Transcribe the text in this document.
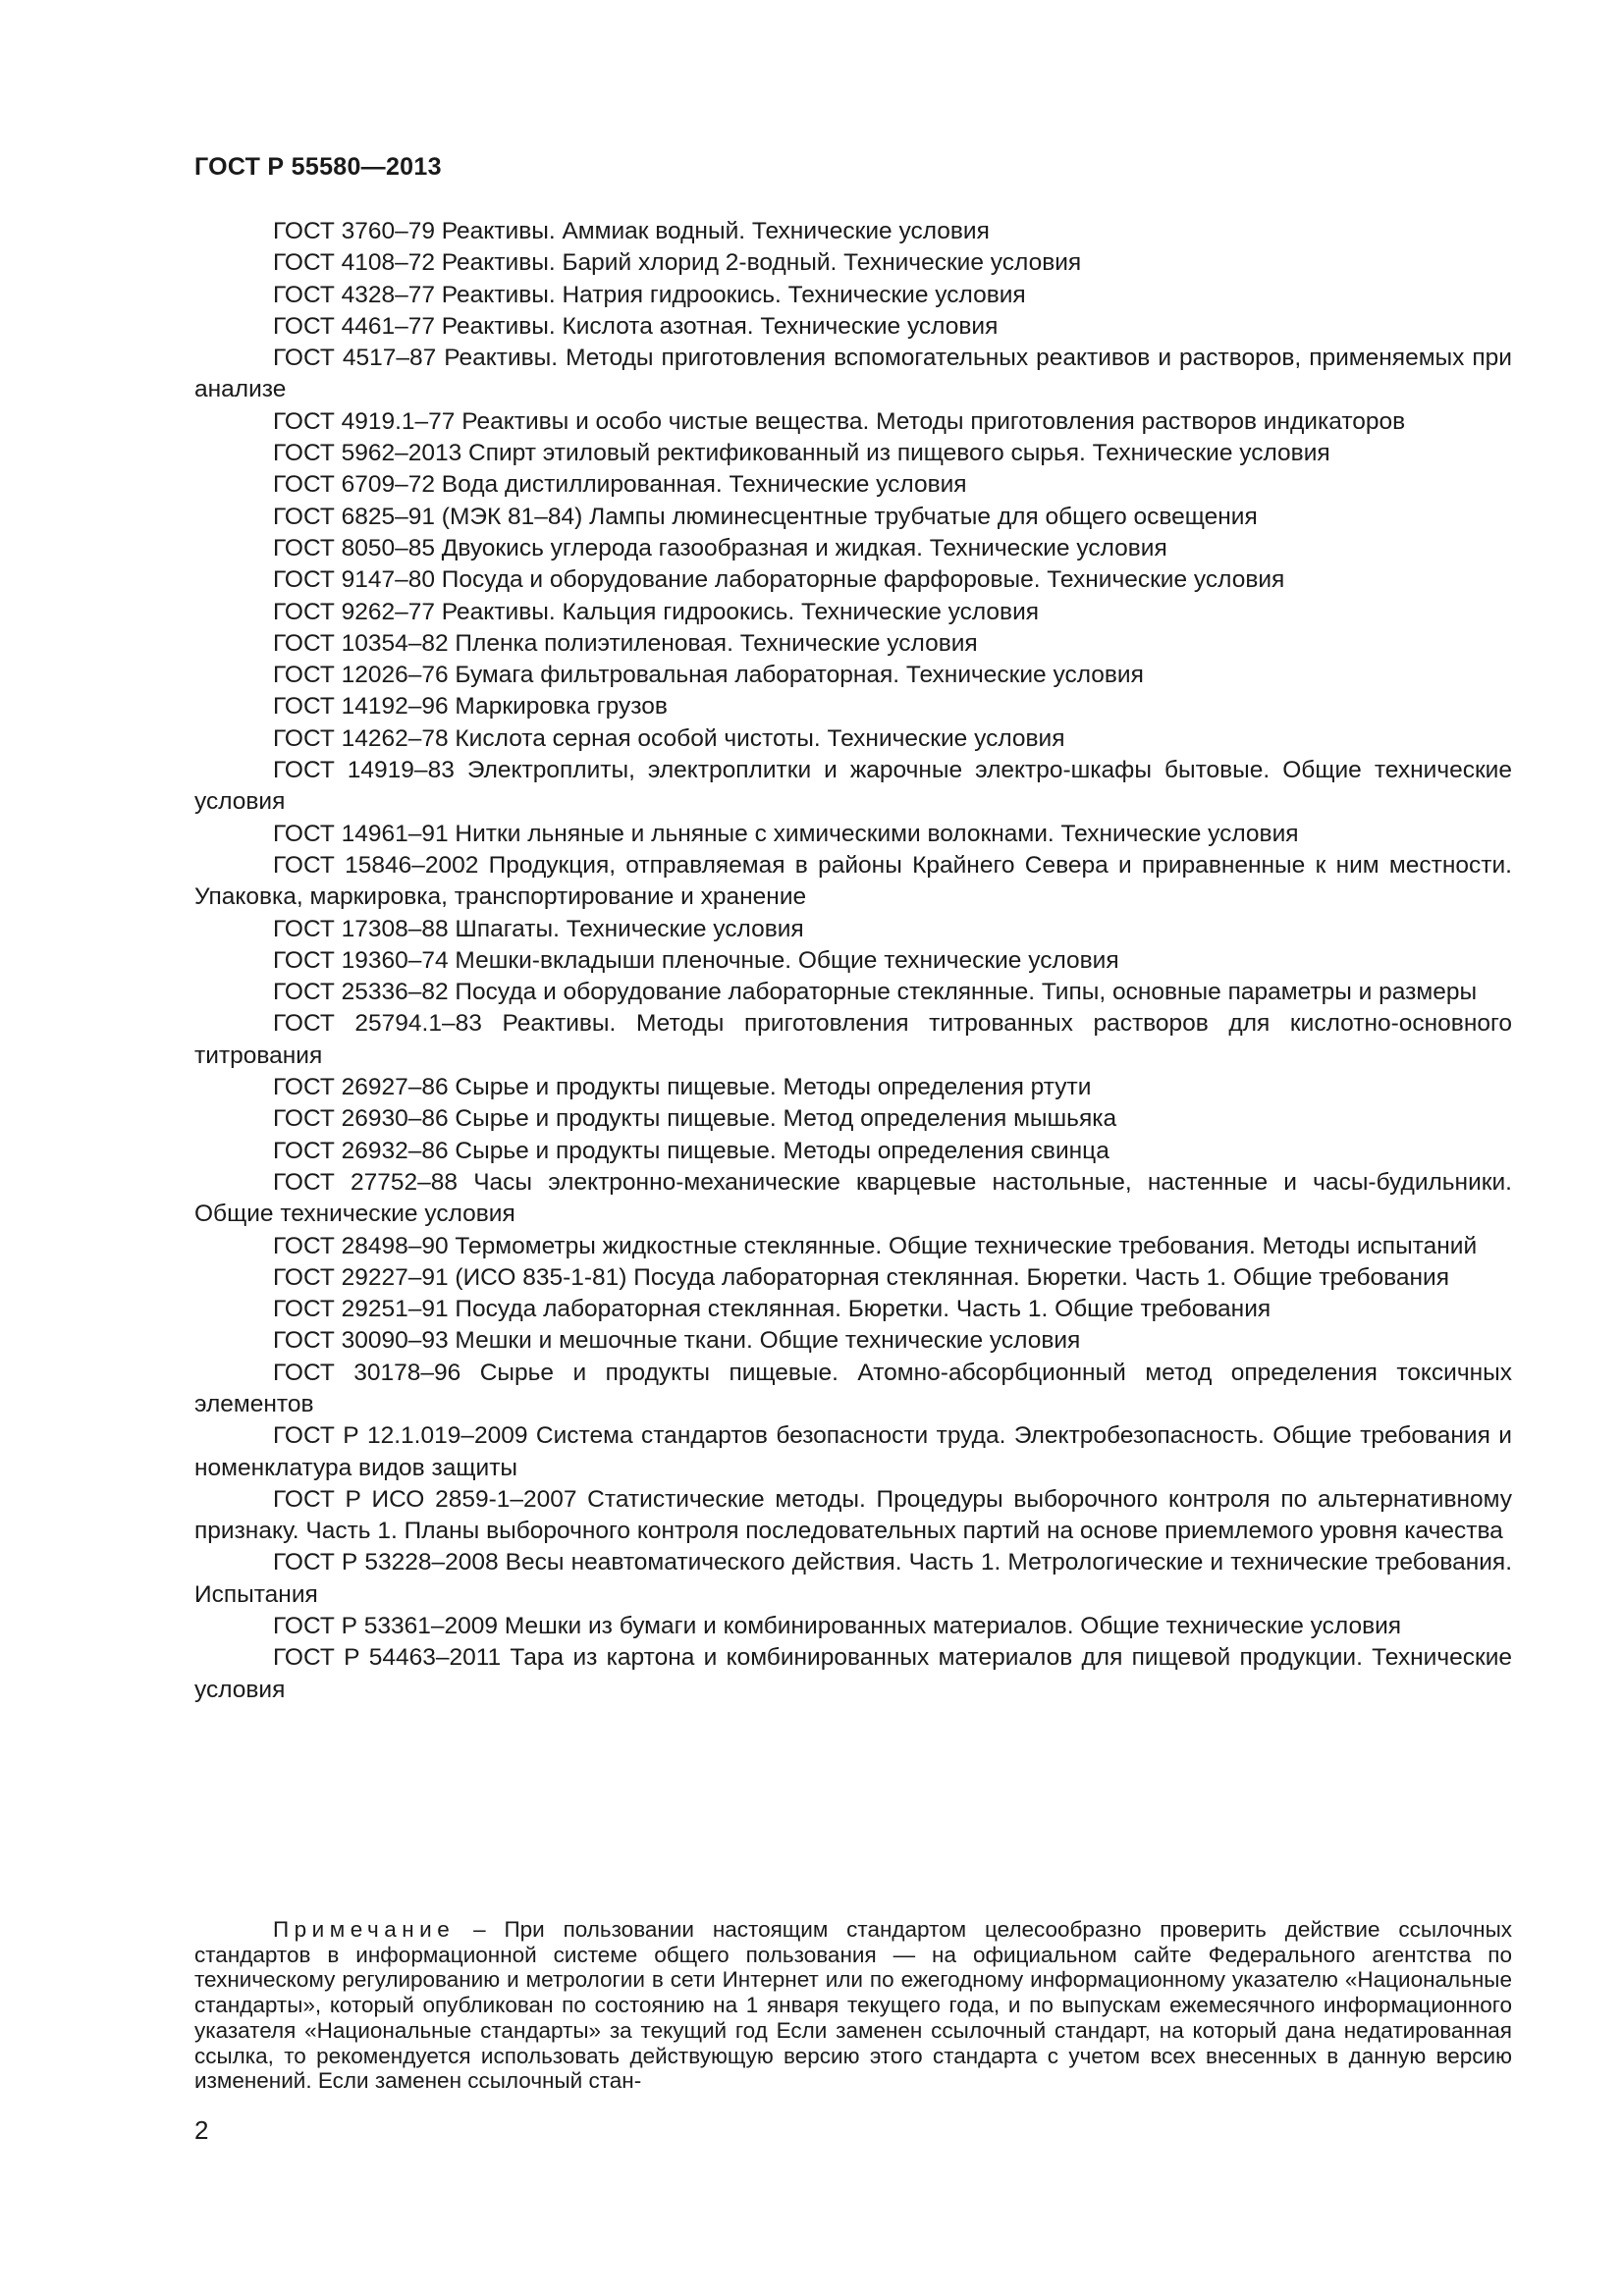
ГОСТ Р 55580—2013

ГОСТ 3760–79 Реактивы. Аммиак водный. Технические условия

ГОСТ 4108–72 Реактивы. Барий хлорид 2-водный. Технические условия

ГОСТ 4328–77 Реактивы. Натрия гидроокись. Технические условия

ГОСТ 4461–77 Реактивы. Кислота азотная. Технические условия

ГОСТ 4517–87 Реактивы. Методы приготовления вспомогательных реактивов и растворов, применяемых при анализе

ГОСТ 4919.1–77 Реактивы и особо чистые вещества. Методы приготовления растворов индикаторов

ГОСТ 5962–2013 Спирт этиловый ректификованный из пищевого сырья. Технические условия

ГОСТ 6709–72 Вода дистиллированная. Технические условия

ГОСТ 6825–91 (МЭК 81–84) Лампы люминесцентные трубчатые для общего освещения

ГОСТ 8050–85 Двуокись углерода газообразная и жидкая. Технические условия

ГОСТ 9147–80 Посуда и оборудование лабораторные фарфоровые. Технические условия

ГОСТ 9262–77 Реактивы. Кальция гидроокись. Технические условия

ГОСТ 10354–82 Пленка полиэтиленовая. Технические условия

ГОСТ 12026–76 Бумага фильтровальная лабораторная. Технические условия

ГОСТ 14192–96 Маркировка грузов

ГОСТ 14262–78 Кислота серная особой чистоты. Технические условия

ГОСТ 14919–83 Электроплиты, электроплитки и жарочные электро-шкафы бытовые. Общие технические условия

ГОСТ 14961–91 Нитки льняные и льняные с химическими волокнами. Технические условия

ГОСТ 15846–2002 Продукция, отправляемая в районы Крайнего Севера и приравненные к ним местности. Упаковка, маркировка, транспортирование и хранение

ГОСТ 17308–88 Шпагаты. Технические условия

ГОСТ 19360–74 Мешки-вкладыши пленочные. Общие технические условия

ГОСТ 25336–82 Посуда и оборудование лабораторные стеклянные. Типы, основные параметры и размеры

ГОСТ 25794.1–83 Реактивы. Методы приготовления титрованных растворов для кислотно-основного титрования

ГОСТ 26927–86 Сырье и продукты пищевые. Методы определения ртути

ГОСТ 26930–86 Сырье и продукты пищевые. Метод определения мышьяка

ГОСТ 26932–86 Сырье и продукты пищевые. Методы определения свинца

ГОСТ 27752–88 Часы электронно-механические кварцевые настольные, настенные и часы-будильники. Общие технические условия

ГОСТ 28498–90 Термометры жидкостные стеклянные. Общие технические требования. Методы испытаний

ГОСТ 29227–91 (ИСО 835-1-81) Посуда лабораторная стеклянная. Бюретки. Часть 1. Общие требования

ГОСТ 29251–91 Посуда лабораторная стеклянная. Бюретки. Часть 1. Общие требования

ГОСТ 30090–93 Мешки и мешочные ткани. Общие технические условия

ГОСТ 30178–96 Сырье и продукты пищевые. Атомно-абсорбционный метод определения токсичных элементов

ГОСТ Р 12.1.019–2009 Система стандартов безопасности труда. Электробезопасность. Общие требования и номенклатура видов защиты

ГОСТ Р ИСО 2859-1–2007 Статистические методы. Процедуры выборочного контроля по альтернативному признаку. Часть 1. Планы выборочного контроля последовательных партий на основе приемлемого уровня качества

ГОСТ Р 53228–2008 Весы неавтоматического действия. Часть 1. Метрологические и технические требования. Испытания

ГОСТ Р 53361–2009 Мешки из бумаги и комбинированных материалов. Общие технические условия

ГОСТ Р 54463–2011 Тара из картона и комбинированных материалов для пищевой продукции. Технические условия

Примечание – При пользовании настоящим стандартом целесообразно проверить действие ссылочных стандартов в информационной системе общего пользования — на официальном сайте Федерального агентства по техническому регулированию и метрологии в сети Интернет или по ежегодному информационному указателю «Национальные стандарты», который опубликован по состоянию на 1 января текущего года, и по выпускам ежемесячного информационного указателя «Национальные стандарты» за текущий год Если заменен ссылочный стандарт, на который дана недатированная ссылка, то рекомендуется использовать действующую версию этого стандарта с учетом всех внесенных в данную версию изменений. Если заменен ссылочный стан-
2
